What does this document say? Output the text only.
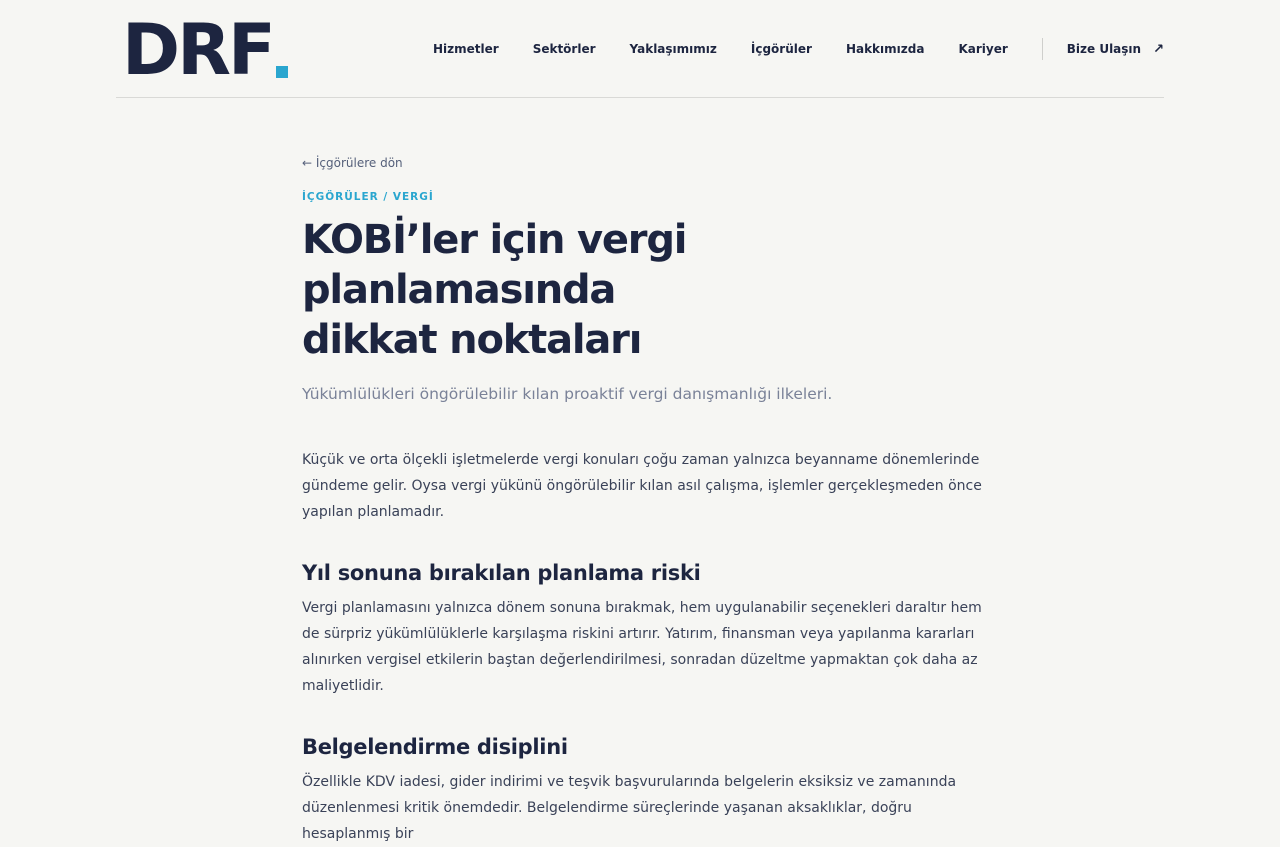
DRF	Hizmetler	Sektörler	Yaklaşımımız	İçgörüler	Hakkımızda	Kariyer	Bize Ulaşın ↗
← İçgörülere dön
İÇGÖRÜLER / VERGİ
KOBİ’ler için vergi planlamasında dikkat noktaları
Yükümlülükleri öngörülebilir kılan proaktif vergi danışmanlığı ilkeleri.

Küçük ve orta ölçekli işletmelerde vergi konuları çoğu zaman yalnızca beyanname dönemlerinde gündeme gelir. Oysa vergi yükünü öngörülebilir kılan asıl çalışma, işlemler gerçekleşmeden önce yapılan planlamadır.

Yıl sonuna bırakılan planlama riski

Vergi planlamasını yalnızca dönem sonuna bırakmak, hem uygulanabilir seçenekleri daraltır hem de sürpriz yükümlülüklerle karşılaşma riskini artırır. Yatırım, finansman veya yapılanma kararları alınırken vergisel etkilerin baştan değerlendirilmesi, sonradan düzeltme yapmaktan çok daha az maliyetlidir.

Belgelendirme disiplini

Özellikle KDV iadesi, gider indirimi ve teşvik başvurularında belgelerin eksiksiz ve zamanında düzenlenmesi kritik önemdedir. Belgelendirme süreçlerinde yaşanan aksaklıklar, doğru hesaplanmış bir
